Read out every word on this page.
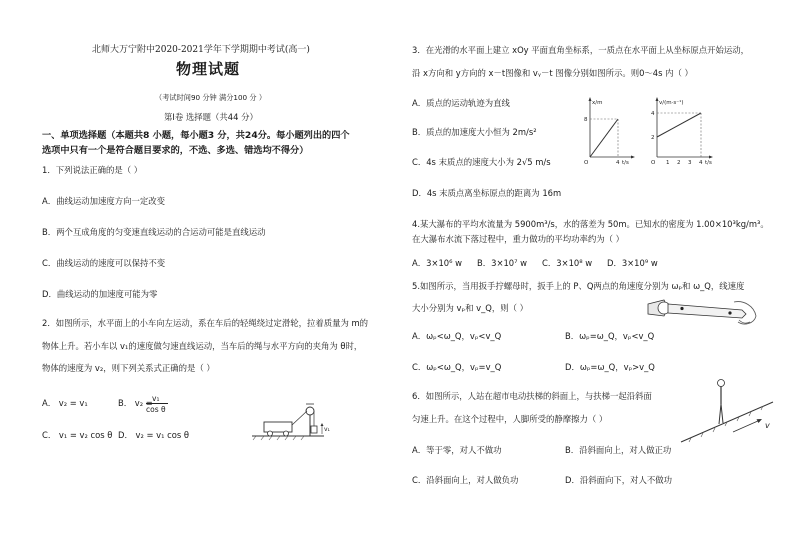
北师大万宁附中2020-2021学年下学期期中考试(高一)
物理试题
（考试时间90 分钟 满分100 分 ）
第Ⅰ卷 选择题（共44 分）
一、单项选择题（本题共8 小题，每小题3 分，共24分。每小题列出的四个
选项中只有一个是符合题目要求的，不选、多选、错选均不得分）
1．下列说法正确的是（ ）
A．曲线运动加速度方向一定改变
B．两个互成角度的匀变速直线运动的合运动可能是直线运动
C．曲线运动的速度可以保持不变
D．曲线运动的加速度可能为零
2．如图所示，水平面上的小车向左运动，系在车后的轻绳绕过定滑轮，拉着质量为 m的
物体上升。若小车以 v₁的速度做匀速直线运动，当车后的绳与水平方向的夹角为 θ时，
物体的速度为 v₂，则下列关系式正确的是（ ）
A． v₂ = v₁	B． v₂ = v₁
cos θ
C． v₁ = v₂ cos θ D． v₂ = v₁ cos θ
v₁
3．在光滑的水平面上建立 xOy 平面直角坐标系，一质点在水平面上从坐标原点开始运动，
沿 x方向和 y方向的 x－t图像和 vᵧ－t 图像分别如图所示。则0～4s 内（ ）
A．质点的运动轨迹为直线
B．质点的加速度大小恒为 2m/s²
C．4s 末质点的速度大小为 2√5 m/s
D．4s 末质点离坐标原点的距离为 16m
x/m
t/s
8
4
O
v/(m·s⁻¹)
t/s
4
2
1 2 3 4
O
4.某大瀑布的平均水流量为 5900m³/s，水的落差为 50m。已知水的密度为 1.00×10³kg/m³。
在大瀑布水流下落过程中，重力做功的平均功率约为（ ）
A．3×10⁶ w B．3×10⁷ w C．3×10⁸ w D．3×10⁹ w
5.如图所示，当用扳手拧螺母时，扳手上的 P、Q两点的角速度分别为 ωₚ和 ω_Q，线速度
大小分别为 vₚ和 v_Q，则（ ）
A．ωₚ<ω_Q，vₚ<v_Q	B．ωₚ=ω_Q，vₚ<v_Q
C．ωₚ<ω_Q，vₚ=v_Q	D．ωₚ=ω_Q，vₚ>v_Q
6．如图所示，人站在超市电动扶梯的斜面上，与扶梯一起沿斜面
匀速上升。在这个过程中，人脚所受的静摩擦力（ ）
v
A．等于零，对人不做功	B．沿斜面向上，对人做正功
C．沿斜面向上，对人做负功	D．沿斜面向下，对人不做功
